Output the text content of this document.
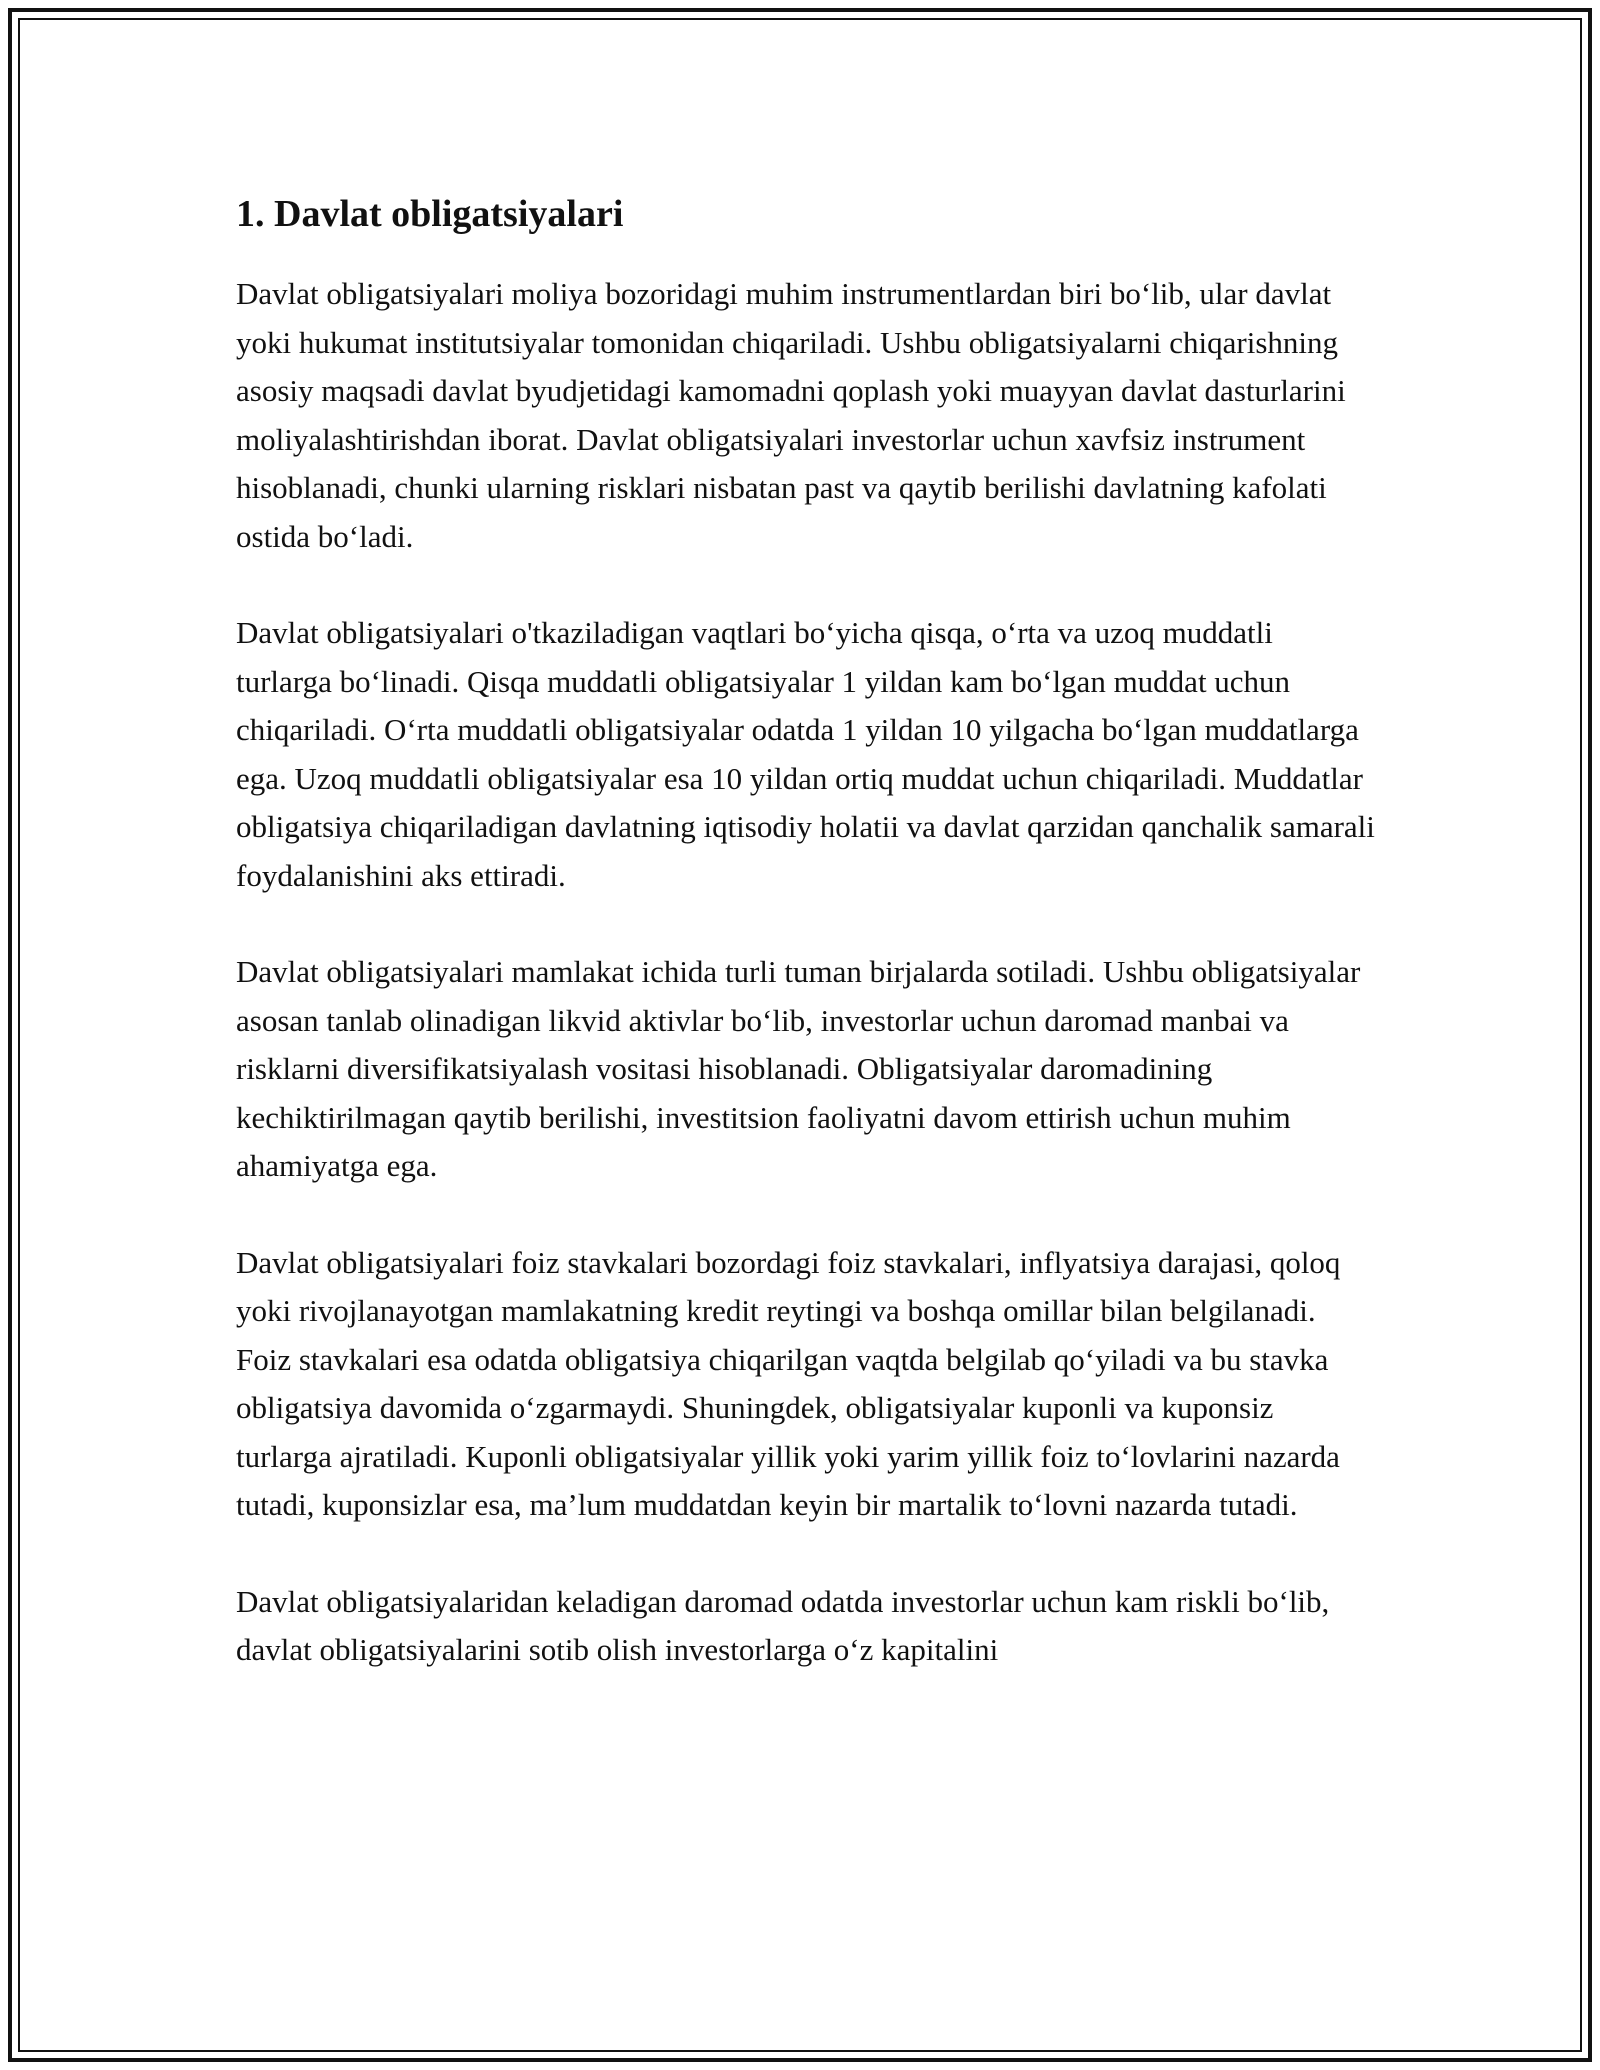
1. Davlat obligatsiyalari

Davlat obligatsiyalari moliya bozoridagi muhim instrumentlardan biri bo‘lib, ular davlat yoki hukumat institutsiyalar tomonidan chiqariladi. Ushbu obligatsiyalarni chiqarishning asosiy maqsadi davlat byudjetidagi kamomadni qoplash yoki muayyan davlat dasturlarini moliyalashtirishdan iborat. Davlat obligatsiyalari investorlar uchun xavfsiz instrument hisoblanadi, chunki ularning risklari nisbatan past va qaytib berilishi davlatning kafolati ostida bo‘ladi.

Davlat obligatsiyalari o'tkaziladigan vaqtlari bo‘yicha qisqa, o‘rta va uzoq muddatli turlarga bo‘linadi. Qisqa muddatli obligatsiyalar 1 yildan kam bo‘lgan muddat uchun chiqariladi. O‘rta muddatli obligatsiyalar odatda 1 yildan 10 yilgacha bo‘lgan muddatlarga ega. Uzoq muddatli obligatsiyalar esa 10 yildan ortiq muddat uchun chiqariladi. Muddatlar obligatsiya chiqariladigan davlatning iqtisodiy holatii va davlat qarzidan qanchalik samarali foydalanishini aks ettiradi.

Davlat obligatsiyalari mamlakat ichida turli tuman birjalarda sotiladi. Ushbu obligatsiyalar asosan tanlab olinadigan likvid aktivlar bo‘lib, investorlar uchun daromad manbai va risklarni diversifikatsiyalash vositasi hisoblanadi. Obligatsiyalar daromadining kechiktirilmagan qaytib berilishi, investitsion faoliyatni davom ettirish uchun muhim ahamiyatga ega.

Davlat obligatsiyalari foiz stavkalari bozordagi foiz stavkalari, inflyatsiya darajasi, qoloq yoki rivojlanayotgan mamlakatning kredit reytingi va boshqa omillar bilan belgilanadi. Foiz stavkalari esa odatda obligatsiya chiqarilgan vaqtda belgilab qo‘yiladi va bu stavka obligatsiya davomida o‘zgarmaydi. Shuningdek, obligatsiyalar kuponli va kuponsiz turlarga ajratiladi. Kuponli obligatsiyalar yillik yoki yarim yillik foiz to‘lovlarini nazarda tutadi, kuponsizlar esa, ma’lum muddatdan keyin bir martalik to‘lovni nazarda tutadi.

Davlat obligatsiyalaridan keladigan daromad odatda investorlar uchun kam riskli bo‘lib, davlat obligatsiyalarini sotib olish investorlarga o‘z kapitalini
